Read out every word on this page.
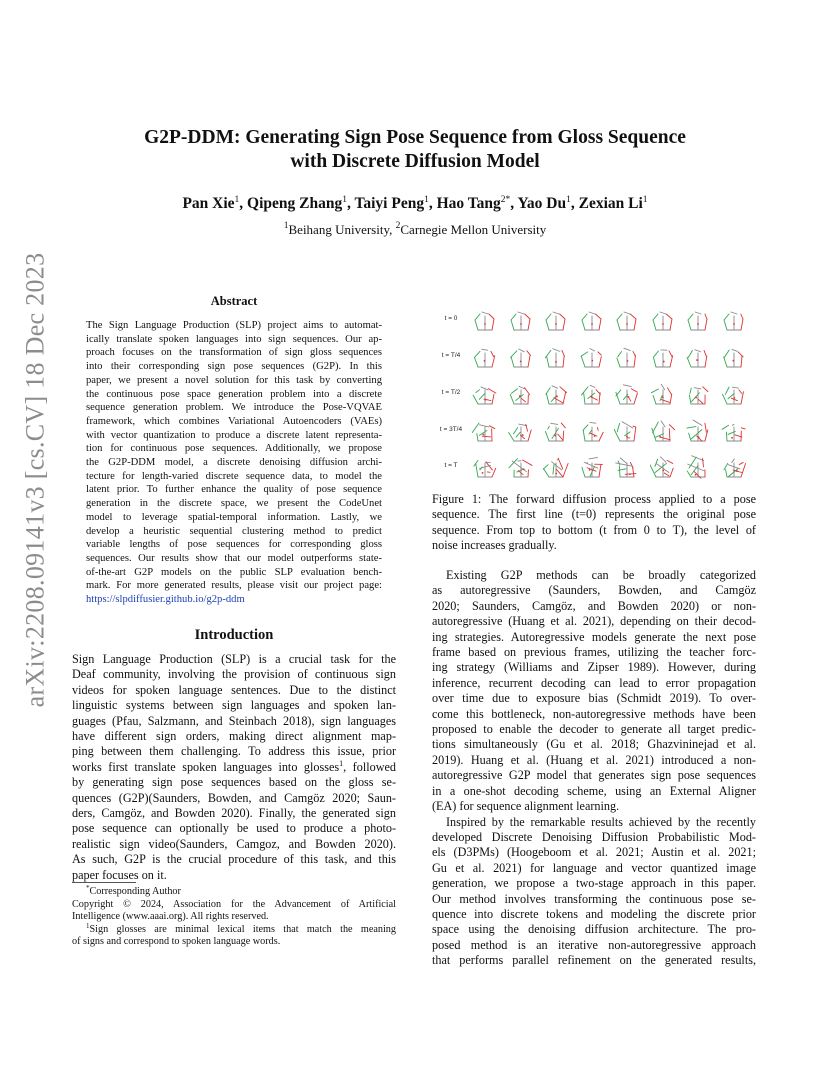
arXiv:2208.09141v3 [cs.CV] 18 Dec 2023
G2P-DDM: Generating Sign Pose Sequence from Gloss Sequence
with Discrete Diffusion Model
Pan Xie$^1$, Qipeng Zhang$^1$, Taiyi Peng$^1$, Hao Tang$^{2*}$, Yao Du$^1$, Zexian Li$^1$
$^1$Beihang University, $^2$Carnegie Mellon University
Abstract
The Sign Language Production (SLP) project aims to automat-
ically translate spoken languages into sign sequences. Our ap-
proach focuses on the transformation of sign gloss sequences
into their corresponding sign pose sequences (G2P). In this
paper, we present a novel solution for this task by converting
the continuous pose space generation problem into a discrete
sequence generation problem. We introduce the Pose-VQVAE
framework, which combines Variational Autoencoders (VAEs)
with vector quantization to produce a discrete latent representa-
tion for continuous pose sequences. Additionally, we propose
the G2P-DDM model, a discrete denoising diffusion archi-
tecture for length-varied discrete sequence data, to model the
latent prior. To further enhance the quality of pose sequence
generation in the discrete space, we present the CodeUnet
model to leverage spatial-temporal information. Lastly, we
develop a heuristic sequential clustering method to predict
variable lengths of pose sequences for corresponding gloss
sequences. Our results show that our model outperforms state-
of-the-art G2P models on the public SLP evaluation bench-
mark. For more generated results, please visit our project page:
https://slpdiffusier.github.io/g2p-ddm
Introduction
Sign Language Production (SLP) is a crucial task for the
Deaf community, involving the provision of continuous sign
videos for spoken language sentences. Due to the distinct
linguistic systems between sign languages and spoken lan-
guages (Pfau, Salzmann, and Steinbach 2018), sign languages
have different sign orders, making direct alignment map-
ping between them challenging. To address this issue, prior
works first translate spoken languages into glosses$^1$, followed
by generating sign pose sequences based on the gloss se-
quences (G2P)(Saunders, Bowden, and Camgöz 2020; Saun-
ders, Camgöz, and Bowden 2020). Finally, the generated sign
pose sequence can optionally be used to produce a photo-
realistic sign video(Saunders, Camgoz, and Bowden 2020).
As such, G2P is the crucial procedure of this task, and this
paper focuses on it.
*Corresponding Author
Copyright © 2024, Association for the Advancement of Artificial
Intelligence (www.aaai.org). All rights reserved.
$^1$Sign glosses are minimal lexical items that match the meaning
of signs and correspond to spoken language words.
t = 0
t = T/4
t = T/2
t = 3T/4
t = T
Figure 1: The forward diffusion process applied to a pose
sequence. The first line (t=0) represents the original pose
sequence. From top to bottom (t from 0 to T), the level of
noise increases gradually.
Existing G2P methods can be broadly categorized
as autoregressive (Saunders, Bowden, and Camgöz
2020; Saunders, Camgöz, and Bowden 2020) or non-
autoregressive (Huang et al. 2021), depending on their decod-
ing strategies. Autoregressive models generate the next pose
frame based on previous frames, utilizing the teacher forc-
ing strategy (Williams and Zipser 1989). However, during
inference, recurrent decoding can lead to error propagation
over time due to exposure bias (Schmidt 2019). To over-
come this bottleneck, non-autoregressive methods have been
proposed to enable the decoder to generate all target predic-
tions simultaneously (Gu et al. 2018; Ghazvininejad et al.
2019). Huang et al. (Huang et al. 2021) introduced a non-
autoregressive G2P model that generates sign pose sequences
in a one-shot decoding scheme, using an External Aligner
(EA) for sequence alignment learning.
Inspired by the remarkable results achieved by the recently
developed Discrete Denoising Diffusion Probabilistic Mod-
els (D3PMs) (Hoogeboom et al. 2021; Austin et al. 2021;
Gu et al. 2021) for language and vector quantized image
generation, we propose a two-stage approach in this paper.
Our method involves transforming the continuous pose se-
quence into discrete tokens and modeling the discrete prior
space using the denoising diffusion architecture. The pro-
posed method is an iterative non-autoregressive approach
that performs parallel refinement on the generated results,
